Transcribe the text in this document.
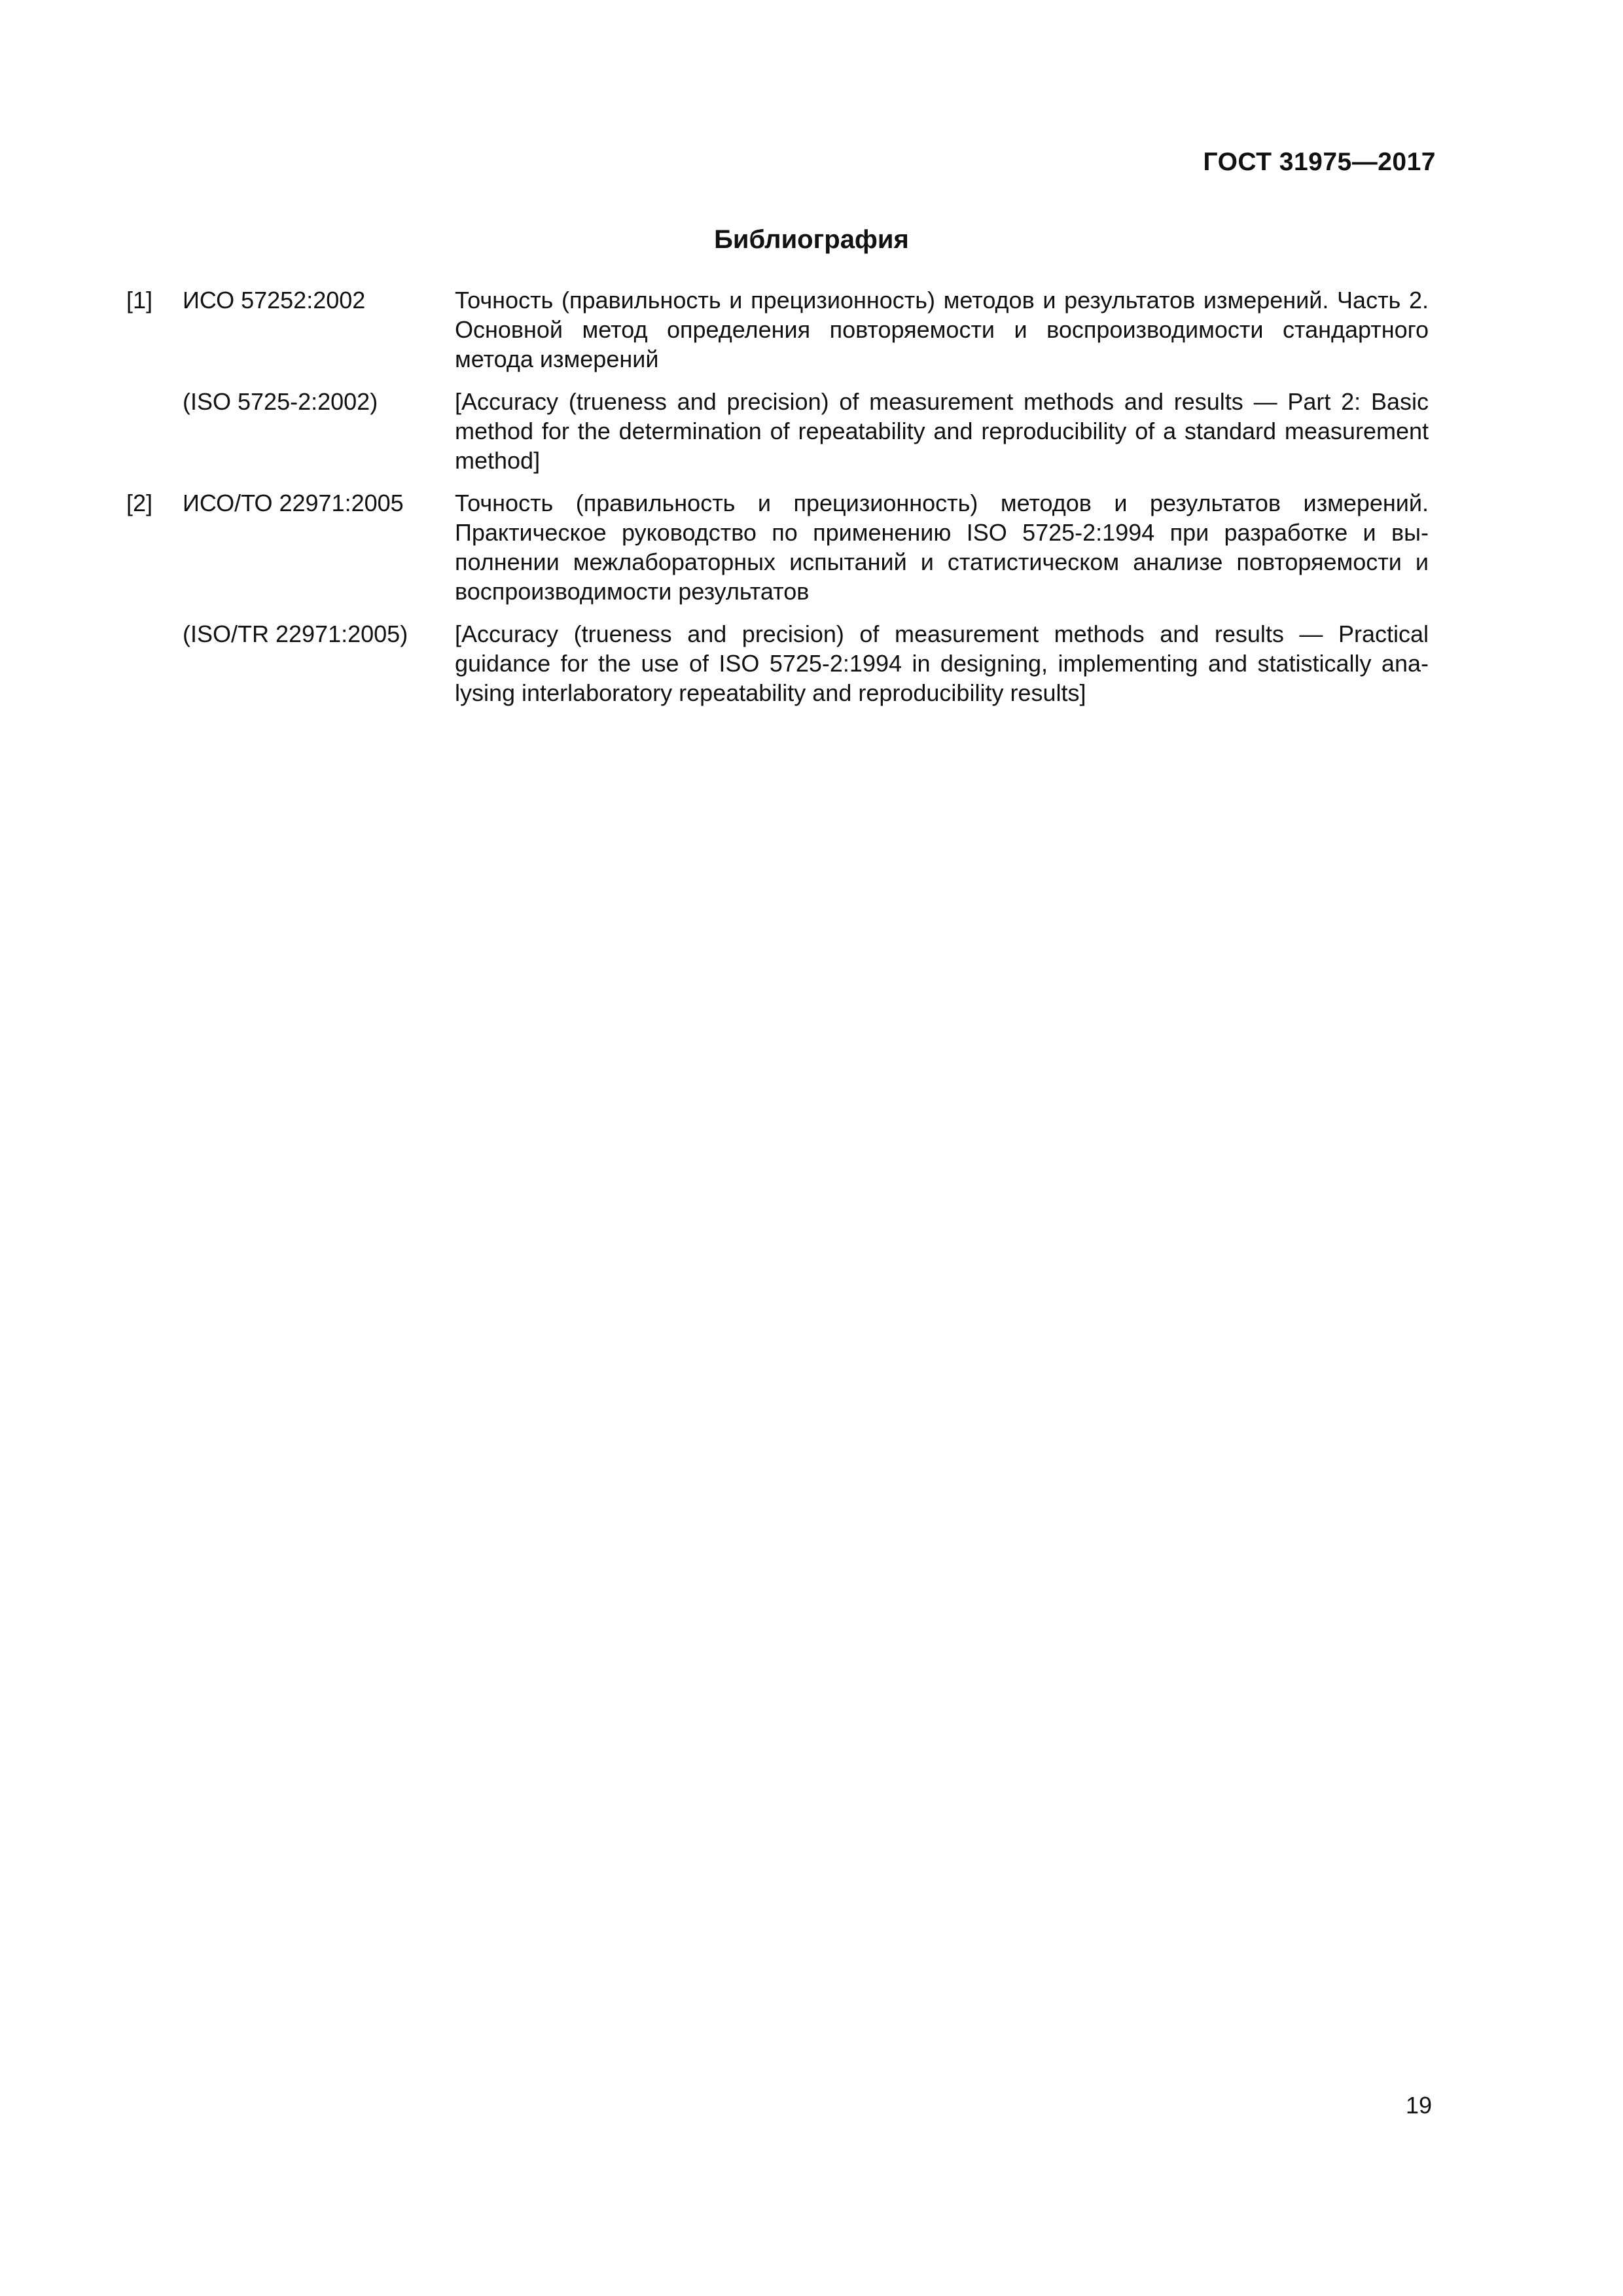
ГОСТ 31975—2017
Библиография
[1] ИСО 57252:2002	Точность (правильность и прецизионность) методов и результатов измерений. Часть 2. Основной метод определения повторяемости и воспроизводимости стандартного метода измерений
(ISO 5725-2:2002)	[Accuracy (trueness and precision) of measurement methods and results — Part 2: Basic method for the determination of repeatability and reproducibility of a standard measurement method]
[2] ИСО/ТО 22971:2005 Точность (правильность и прецизионность) методов и результатов измерений. Практическое руководство по применению ISO 5725-2:1994 при разработке и выполнении межлабораторных испытаний и статистическом анализе повторяемости и воспроизводимости результатов
(ISO/TR 22971:2005) [Accuracy (trueness and precision) of measurement methods and results — Practical guidance for the use of ISO 5725-2:1994 in designing, implementing and statistically analysing interlaboratory repeatability and reproducibility results]
19
